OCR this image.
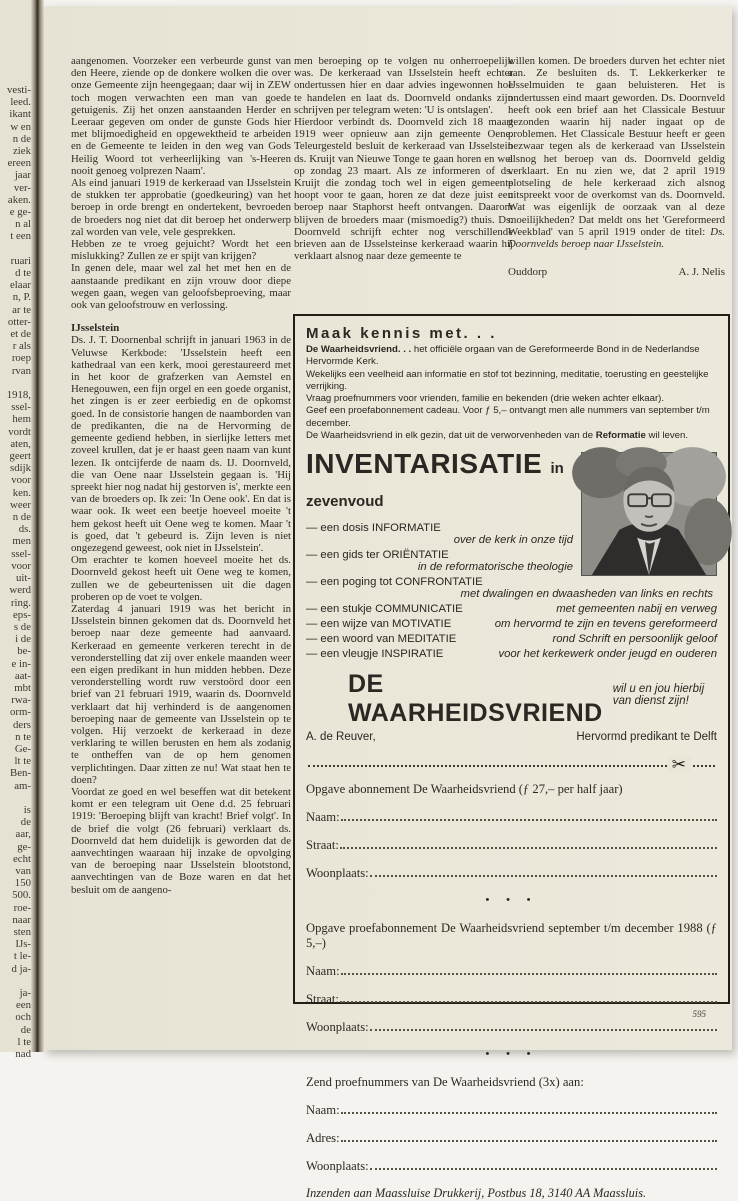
vesti-
leed.
ikant
w en
n de
ziek
ereen
jaar
ver-
aken.
e ge-
n al
t een
ruari
d te
elaar
n, P.
ar te
otter-
et de
r als
roep
rvan
1918,
ssel-
hem
vordt
aten,
geert
sdijk
voor
ken.
weer
n de
ds.
men
ssel-
voor
uit-
werd
ring.
eps-
s de
i de
be-
e in-
aat-
mbt
rwa-
orm-
ders
n te
Ge-
lt te
Ben-
am-
is
de
aar,
ge-
echt
van
150
500.
roe-
naar
sten
IJs-
t le-
d ja-
ja-
een
och
de
l te
nad

aangenomen. Voorzeker een verbeurde gunst van den Heere, ziende op de donkere wolken die over onze Gemeente zijn heengegaan; daar wij in ZEW toch mogen verwachten een man van goede getuigenis. Zij het onzen aanstaanden Herder en Leeraar gegeven om onder de gunste Gods hier met blijmoedigheid en opgewektheid te arbeiden en de Gemeente te leiden in den weg van Gods Heilig Woord tot verheerlijking van 's-Heeren nooit genoeg volprezen Naam'.

Als eind januari 1919 de kerkeraad van IJsselstein de stukken ter approbatie (goedkeuring) van het beroep in orde brengt en ondertekent, bevroeden de broeders nog niet dat dit beroep het onderwerp zal worden van vele, vele gesprekken.

Hebben ze te vroeg gejuicht? Wordt het een mislukking? Zullen ze er spijt van krijgen?

In genen dele, maar wel zal het met hen en de aanstaande predikant en zijn vrouw door diepe wegen gaan, wegen van geloofsbeproeving, maar ook van geloofstrouw en verlossing.

IJsselstein

Ds. J. T. Doornenbal schrijft in januari 1963 in de Veluwse Kerkbode: 'IJsselstein heeft een kathedraal van een kerk, mooi gerestaureerd met in het koor de grafzerken van Aemstel en Henegouwen, een fijn orgel en een goede organist, het zingen is er zeer eerbiedig en de opkomst goed. In de consistorie hangen de naamborden van de predikanten, die na de Hervorming de gemeente gediend hebben, in sierlijke letters met zoveel krullen, dat je er haast geen naam van kunt lezen. Ik ontcijferde de naam ds. IJ. Doornveld, die van Oene naar IJsselstein gegaan is. 'Hij spreekt hier nog nadat hij gestorven is', merkte een van de broeders op. Ik zei: 'In Oene ook'. En dat is waar ook. Ik weet een beetje hoeveel moeite 't hem gekost heeft uit Oene weg te komen. Maar 't is goed, dat 't gebeurd is. Zijn leven is niet ongezegend geweest, ook niet in IJsselstein'.

Om erachter te komen hoeveel moeite het ds. Doornveld gekost heeft uit Oene weg te komen, zullen we de gebeurtenissen uit die dagen proberen op de voet te volgen.

Zaterdag 4 januari 1919 was het bericht in IJsselstein binnen gekomen dat ds. Doornveld het beroep naar deze gemeente had aanvaard. Kerkeraad en gemeente verkeren terecht in de veronderstelling dat zij over enkele maanden weer een eigen predikant in hun midden hebben. Deze veronderstelling wordt ruw verstoörd door een brief van 21 februari 1919, waarin ds. Doornveld verklaart dat hij verhinderd is de aangenomen beroeping naar de gemeente van IJsselstein op te volgen. Hij verzoekt de kerkeraad in deze verklaring te willen berusten en hem als zodanig te ontheffen van de op hem genomen verplichtingen. Daar zitten ze nu! Wat staat hen te doen?

Voordat ze goed en wel beseffen wat dit betekent komt er een telegram uit Oene d.d. 25 februari 1919: 'Beroeping blijft van kracht! Brief volgt'. In de brief die volgt (26 februari) verklaart ds. Doornveld dat hem duidelijk is geworden dat de aanvechtingen waaraan hij inzake de opvolging van de beroeping naar IJsselstein blootstond, aanvechtingen van de Boze waren en dat het besluit om de aangeno-

men beroeping op te volgen nu onherroepelijk was. De kerkeraad van IJsselstein heeft echter ondertussen hier en daar advies ingewonnen hoe te handelen en laat ds. Doornveld ondanks zijn schrijven per telegram weten: 'U is ontslagen'.

Hierdoor verbindt ds. Doornveld zich 18 maart 1919 weer opnieuw aan zijn gemeente Oene. Teleurgesteld besluit de kerkeraad van IJsselstein ds. Kruijt van Nieuwe Tonge te gaan horen en wel op zondag 23 maart. Als ze informeren of ds. Kruijt die zondag toch wel in eigen gemeente hoopt voor te gaan, horen ze dat deze juist een beroep naar Staphorst heeft ontvangen. Daarom blijven de broeders maar (mismoedig?) thuis. Ds. Doornveld schrijft echter nog verschillende brieven aan de IJsselsteinse kerkeraad waarin hij verklaart alsnog naar deze gemeente te

willen komen. De broeders durven het echter niet aan. Ze besluiten ds. T. Lekkerkerker te IJsselmuiden te gaan beluisteren. Het is ondertussen eind maart geworden. Ds. Doornveld heeft ook een brief aan het Classicale Bestuur gezonden waarin hij nader ingaat op de problemen. Het Classicale Bestuur heeft er geen bezwaar tegen als de kerkeraad van IJsselstein alsnog het beroep van ds. Doornveld geldig verklaart. En nu zien we, dat 2 april 1919 plotseling de hele kerkeraad zich alsnog uitspreekt voor de overkomst van ds. Doornveld. Wat was eigenlijk de oorzaak van al deze moeilijkheden? Dat meldt ons het 'Gereformeerd Weekblad' van 5 april 1919 onder de titel: Ds. Doornvelds beroep naar IJsselstein.

Ouddorp	A. J. Nelis
Maak kennis met. . .
De Waarheidsvriend. . . het officiële orgaan van de Gereformeerde Bond in de Nederlandse Hervormde Kerk.
Wekelijks een veelheid aan informatie en stof tot bezinning, meditatie, toerusting en geestelijke verrijking.
Vraag proefnummers voor vrienden, familie en bekenden (drie weken achter elkaar).
Geef een proefabonnement cadeau. Voor ƒ 5,– ontvangt men alle nummers van september t/m december.
De Waarheidsvriend in elk gezin, dat uit de verworvenheden van de Reformatie wil leven.
INVENTARISATIE in zevenvoud
— een dosis INFORMATIE
over de kerk in onze tijd
— een gids ter ORIËNTATIE
in de reformatorische theologie
— een poging tot CONFRONTATIE
met dwalingen en dwaasheden van links en rechts
— een stukje COMMUNICATIE	met gemeenten nabij en verweg
— een wijze van MOTIVATIE	om hervormd te zijn en tevens gereformeerd
— een woord van MEDITATIE	rond Schrift en persoonlijk geloof
— een vleugje INSPIRATIE	voor het kerkewerk onder jeugd en ouderen
DE WAARHEIDSVRIEND
wil u en jou hierbij van dienst zijn!
A. de Reuver,	Hervormd predikant te Delft
✂
Opgave abonnement De Waarheidsvriend (ƒ 27,– per half jaar)
Naam:
Straat:
Woonplaats:
• • •
Opgave proefabonnement De Waarheidsvriend september t/m december 1988 (ƒ 5,–)
Naam:
Straat:
Woonplaats:
• • •
Zend proefnummers van De Waarheidsvriend (3x) aan:
Naam:
Adres:
Woonplaats:
Inzenden aan Maassluise Drukkerij, Postbus 18, 3140 AA Maassluis.
595
